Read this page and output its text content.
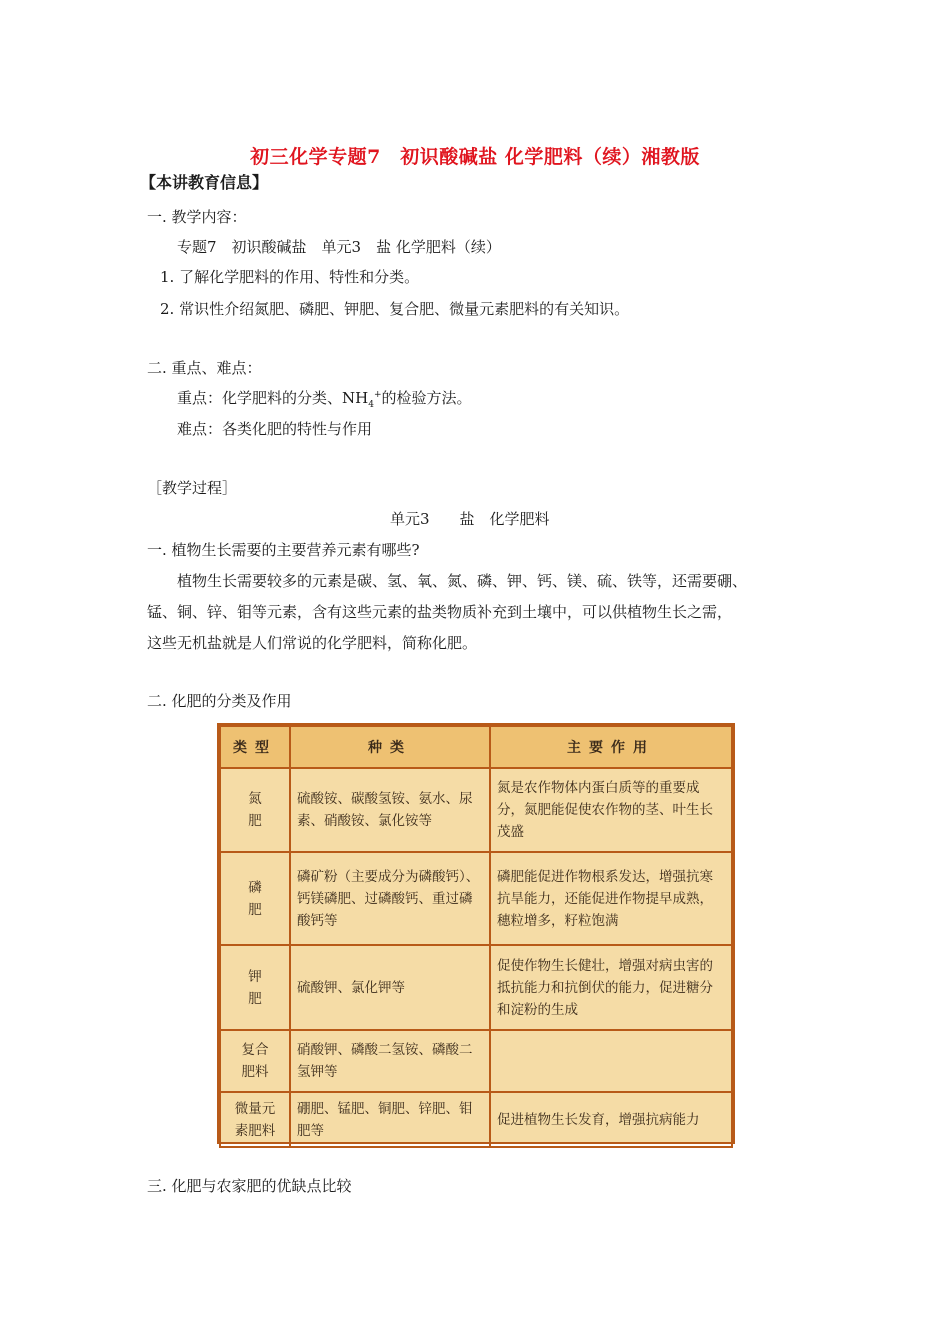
初三化学专题7　初识酸碱盐 化学肥料（续）湘教版
【本讲教育信息】
一. 教学内容：
专题7　初识酸碱盐　单元3　盐 化学肥料（续）
1. 了解化学肥料的作用、特性和分类。
2. 常识性介绍氮肥、磷肥、钾肥、复合肥、微量元素肥料的有关知识。
二. 重点、难点：
重点：化学肥料的分类、$NH_4^+$的检验方法。
难点：各类化肥的特性与作用
［教学过程］
单元3　　盐　化学肥料
一. 植物生长需要的主要营养元素有哪些?
植物生长需要较多的元素是碳、氢、氧、氮、磷、钾、钙、镁、硫、铁等，还需要硼、
锰、铜、锌、钼等元素，含有这些元素的盐类物质补充到土壤中，可以供植物生长之需，
这些无机盐就是人们常说的化学肥料，简称化肥。
二. 化肥的分类及作用
类型	种类	主要作用
氮
肥	硫酸铵、碳酸氢铵、氨水、尿素、硝酸铵、氯化铵等	氮是农作物体内蛋白质等的重要成分，氮肥能促使农作物的茎、叶生长茂盛
磷
肥	磷矿粉（主要成分为磷酸钙）、钙镁磷肥、过磷酸钙、重过磷酸钙等	磷肥能促进作物根系发达，增强抗寒抗旱能力，还能促进作物提早成熟，穗粒增多，籽粒饱满
钾
肥	硫酸钾、氯化钾等	促使作物生长健壮，增强对病虫害的抵抗能力和抗倒伏的能力，促进糖分和淀粉的生成
复合
肥料	硝酸钾、磷酸二氢铵、磷酸二氢钾等	
微量元
素肥料	硼肥、锰肥、铜肥、锌肥、钼肥等	促进植物生长发育，增强抗病能力
三. 化肥与农家肥的优缺点比较
